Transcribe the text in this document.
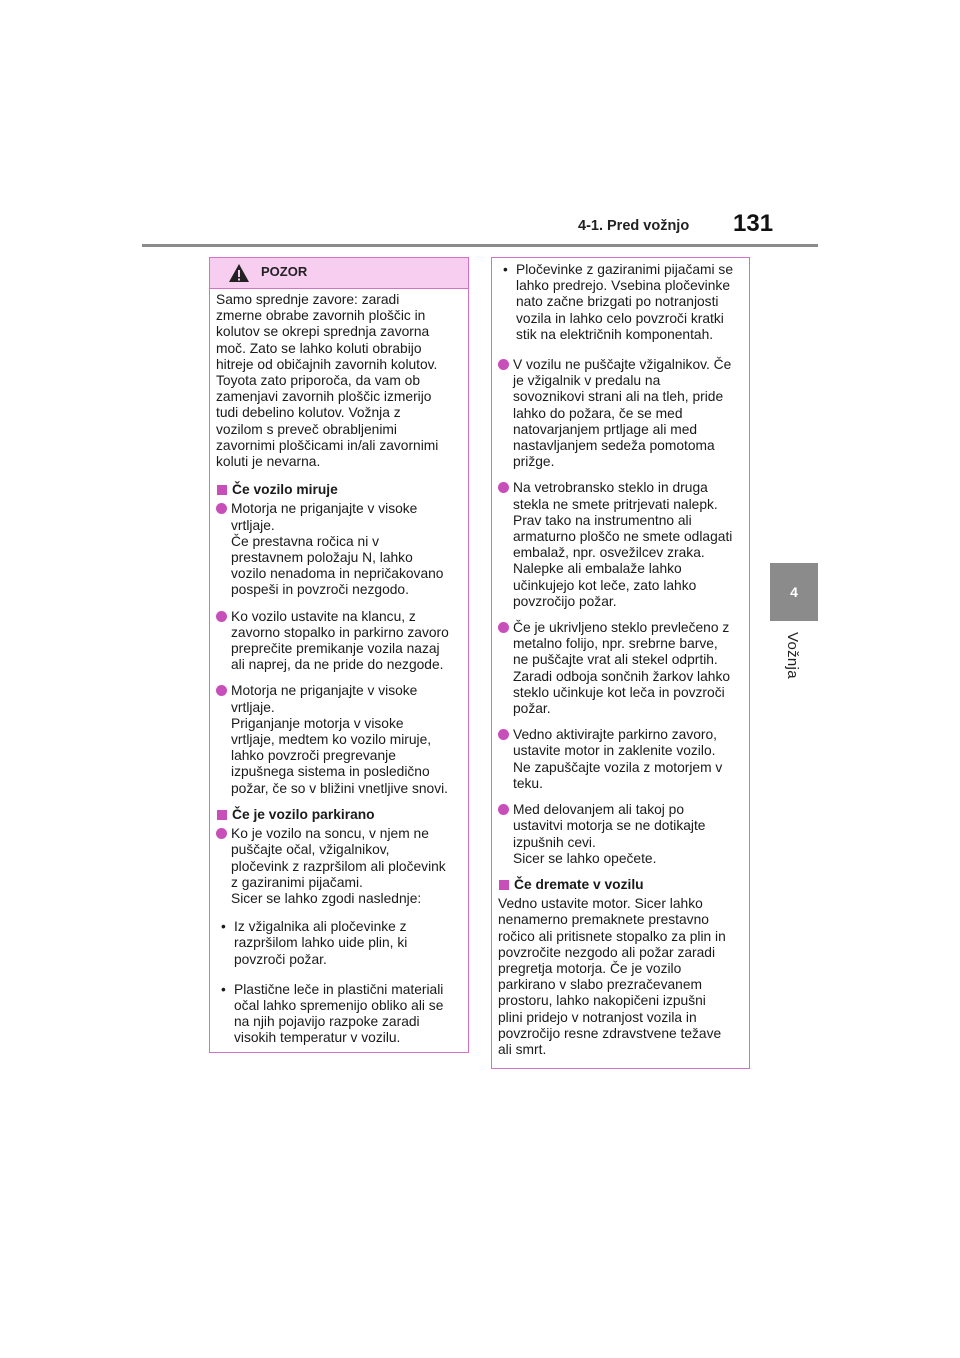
4-1. Pred vožnjo 131
4
Vožnja
POZOR

Samo sprednje zavore: zaradi
zmerne obrabe zavornih ploščic in
kolutov se okrepi sprednja zavorna
moč. Zato se lahko koluti obrabijo
hitreje od običajnih zavornih kolutov.
Toyota zato priporoča, da vam ob
zamenjavi zavornih ploščic izmerijo
tudi debelino kolutov. Vožnja z
vozilom s preveč obrabljenimi
zavornimi ploščicami in/ali zavornimi
koluti je nevarna.

Če vozilo miruje
Motorja ne priganjajte v visoke
vrtljaje.
Če prestavna ročica ni v
prestavnem položaju N, lahko
vozilo nenadoma in nepričakovano
pospeši in povzroči nezgodo.
Ko vozilo ustavite na klancu, z
zavorno stopalko in parkirno zavoro
preprečite premikanje vozila nazaj
ali naprej, da ne pride do nezgode.
Motorja ne priganjajte v visoke
vrtljaje.
Priganjanje motorja v visoke
vrtljaje, medtem ko vozilo miruje,
lahko povzroči pregrevanje
izpušnega sistema in posledično
požar, če so v bližini vnetljive snovi.
Če je vozilo parkirano
Ko je vozilo na soncu, v njem ne
puščajte očal, vžigalnikov,
pločevink z razpršilom ali pločevink
z gaziranimi pijačami.
Sicer se lahko zgodi naslednje:
• Iz vžigalnika ali pločevinke z
razpršilom lahko uide plin, ki
povzroči požar.
• Plastične leče in plastični materiali
očal lahko spremenijo obliko ali se
na njih pojavijo razpoke zaradi
visokih temperatur v vozilu.
• Pločevinke z gaziranimi pijačami se
lahko predrejo. Vsebina pločevinke
nato začne brizgati po notranjosti
vozila in lahko celo povzroči kratki
stik na električnih komponentah.
V vozilu ne puščajte vžigalnikov. Če
je vžigalnik v predalu na
sovoznikovi strani ali na tleh, pride
lahko do požara, če se med
natovarjanjem prtljage ali med
nastavljanjem sedeža pomotoma
prižge.
Na vetrobransko steklo in druga
stekla ne smete pritrjevati nalepk.
Prav tako na instrumentno ali
armaturno ploščo ne smete odlagati
embalaž, npr. osvežilcev zraka.
Nalepke ali embalaže lahko
učinkujejo kot leče, zato lahko
povzročijo požar.
Če je ukrivljeno steklo prevlečeno z
metalno folijo, npr. srebrne barve,
ne puščajte vrat ali stekel odprtih.
Zaradi odboja sončnih žarkov lahko
steklo učinkuje kot leča in povzroči
požar.
Vedno aktivirajte parkirno zavoro,
ustavite motor in zaklenite vozilo.
Ne zapuščajte vozila z motorjem v
teku.
Med delovanjem ali takoj po
ustavitvi motorja se ne dotikajte
izpušnih cevi.
Sicer se lahko opečete.
Če dremate v vozilu

Vedno ustavite motor. Sicer lahko
nenamerno premaknete prestavno
ročico ali pritisnete stopalko za plin in
povzročite nezgodo ali požar zaradi
pregretja motorja. Če je vozilo
parkirano v slabo prezračevanem
prostoru, lahko nakopičeni izpušni
plini pridejo v notranjost vozila in
povzročijo resne zdravstvene težave
ali smrt.
